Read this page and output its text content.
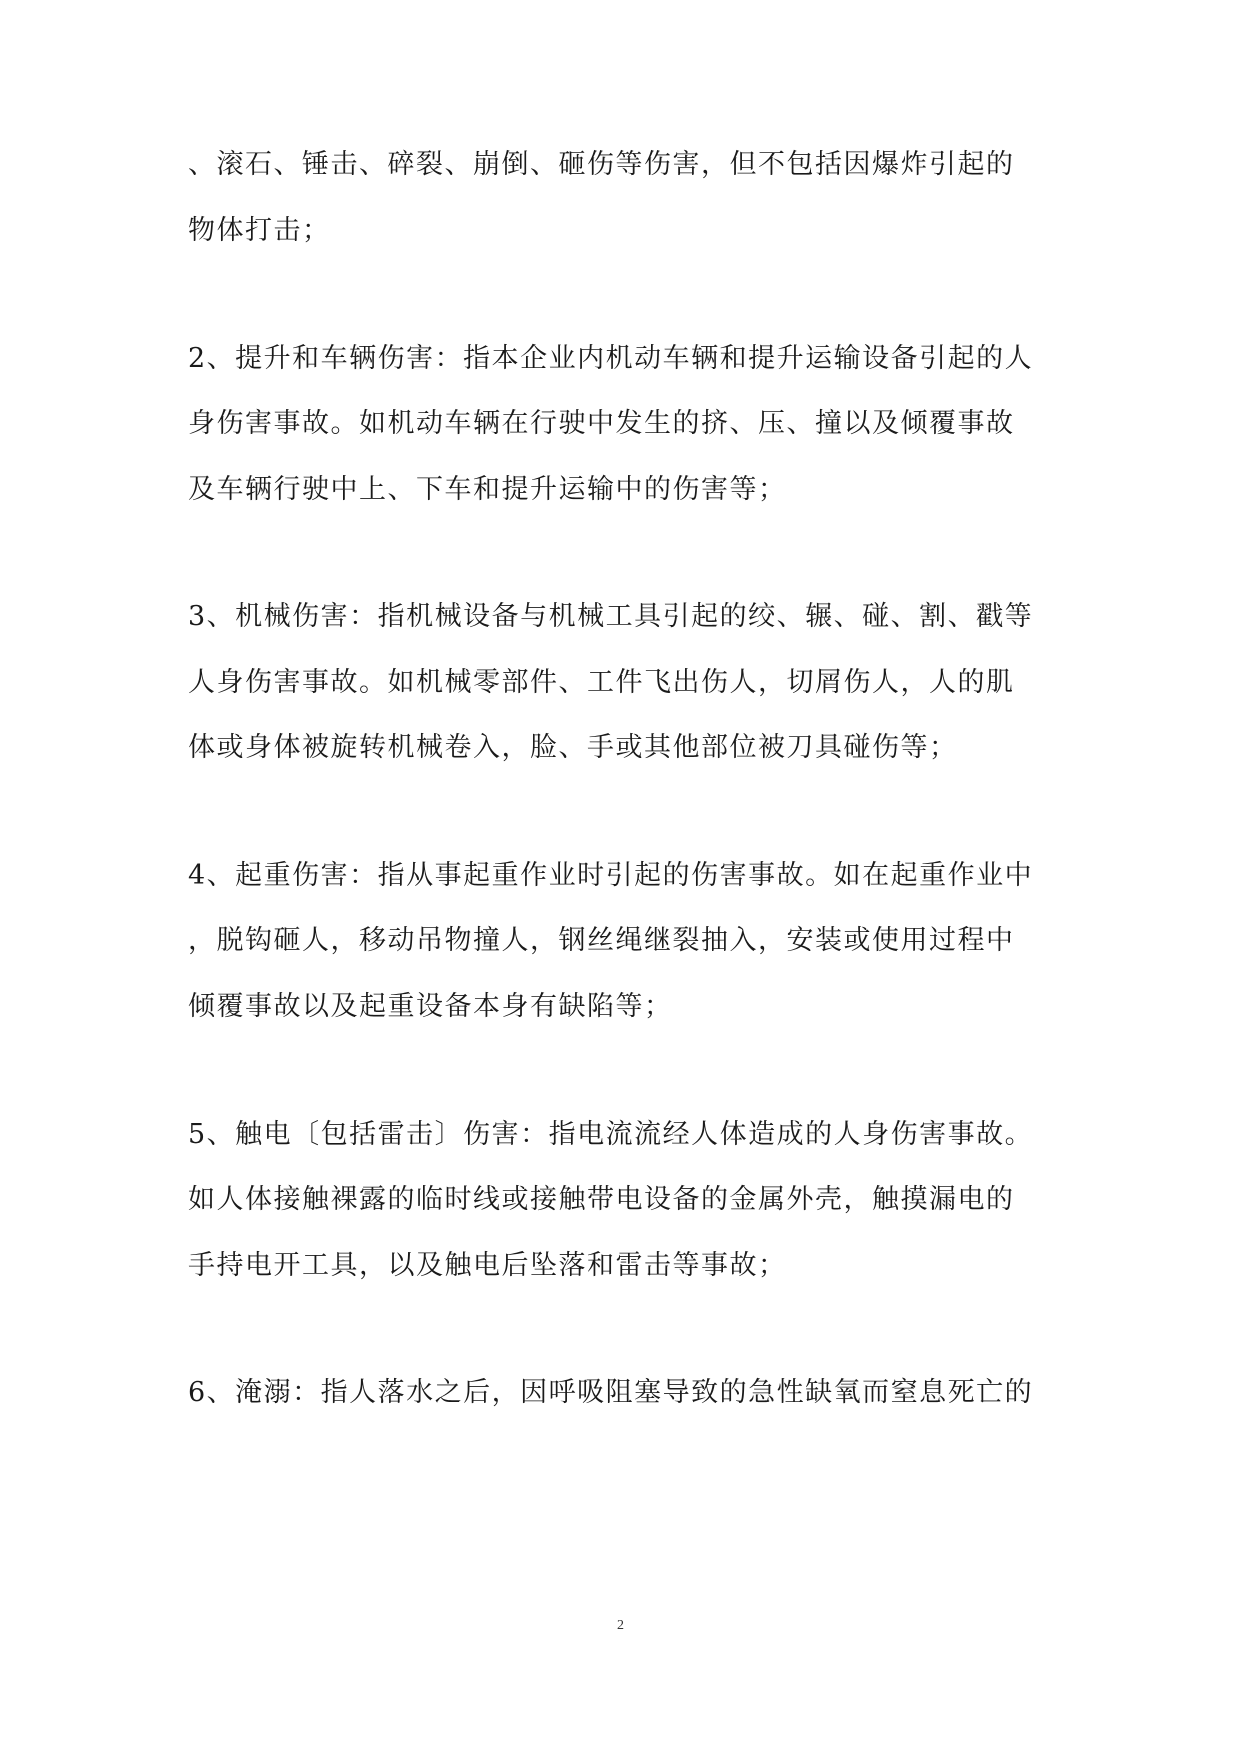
、滚石、锤击、碎裂、崩倒、砸伤等伤害，但不包括因爆炸引起的
物体打击；
2、提升和车辆伤害：指本企业内机动车辆和提升运输设备引起的人
身伤害事故。如机动车辆在行驶中发生的挤、压、撞以及倾覆事故
及车辆行驶中上、下车和提升运输中的伤害等；
3、机械伤害：指机械设备与机械工具引起的绞、辗、碰、割、戳等
人身伤害事故。如机械零部件、工件飞出伤人，切屑伤人，人的肌
体或身体被旋转机械卷入，脸、手或其他部位被刀具碰伤等；
4、起重伤害：指从事起重作业时引起的伤害事故。如在起重作业中
，脱钩砸人，移动吊物撞人，钢丝绳继裂抽入，安装或使用过程中
倾覆事故以及起重设备本身有缺陷等；
5、触电〔包括雷击〕伤害：指电流流经人体造成的人身伤害事故。
如人体接触裸露的临时线或接触带电设备的金属外壳，触摸漏电的
手持电开工具，以及触电后坠落和雷击等事故；
6、淹溺：指人落水之后，因呼吸阻塞导致的急性缺氧而窒息死亡的
2
